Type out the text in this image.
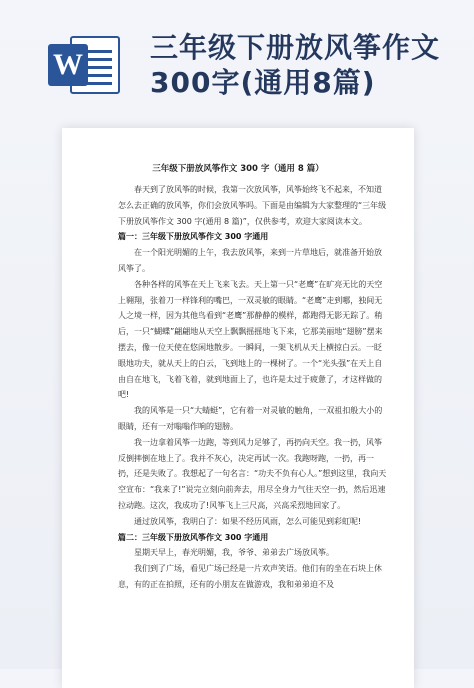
W
三年级下册放风筝作文300字(通用8篇)
三年级下册放风筝作文 300 字（通用 8 篇）

春天到了放风筝的时候，我第一次放风筝，风筝始终飞不起来，不知道怎么去正确的放风筝，你们会放风筝吗。下面是由编辑为大家整理的“三年级下册放风筝作文 300 字(通用 8 篇)”，仅供参考，欢迎大家阅读本文。

篇一：三年级下册放风筝作文 300 字通用

在一个阳光明媚的上午，我去放风筝，来到一片草地后，就准备开始放风筝了。

各种各样的风筝在天上飞来飞去。天上第一只“老鹰”在旷亮无比的天空上翱翔，张着刀一样锋利的嘴巴，一双灵敏的眼睛。“老鹰”走到哪，独间无人之境一样，因为其他鸟看到“老鹰”那静静的模样，都跑得无影无踪了。稍后，一只“蝴蝶”翩翩地从天空上飘飘摇摇地飞下来，它那美丽地“翅膀”摆来摆去，像一位天使在悠闲地散步。一瞬间，一架飞机从天上横掠白云。一眨眼地功夫，就从天上的白云，飞到地上的一棵树了。一个“光头强”在天上自由自在地飞，飞着飞着，就到地面上了，也许是太过于疲惫了，才这样做的吧!

我的风筝是一只“大蜻蜓”，它有着一对灵敏的触角，一双祖扣般大小的眼睛，还有一对嗡嗡作响的翅膀。

我一边拿着风筝一边跑，等到风力足够了，再扔向天空。我一扔，风筝反倒摔倒在地上了。我并不灰心，决定再试一次。我跑呀跑，一扔，再一扔，还是失败了。我想起了一句名言：“功夫不负有心人。”想到这里，我向天空宣布：“我来了!”说完立刻向前奔去，用尽全身力气往天空一扔，然后迅速拉动跑。这次，我成功了!风筝飞上三尺高，兴高采烈地回家了。

通过放风筝，我明白了：如果不经历风雨，怎么可能见到彩虹呢!

篇二：三年级下册放风筝作文 300 字通用

星期天早上，春光明媚，我，爷爷、弟弟去广场放风筝。

我们到了广场，看见广场已经是一片欢声笑语。他们有的坐在石块上休息，有的正在拍照，还有的小朋友在做游戏，我和弟弟迫不及
